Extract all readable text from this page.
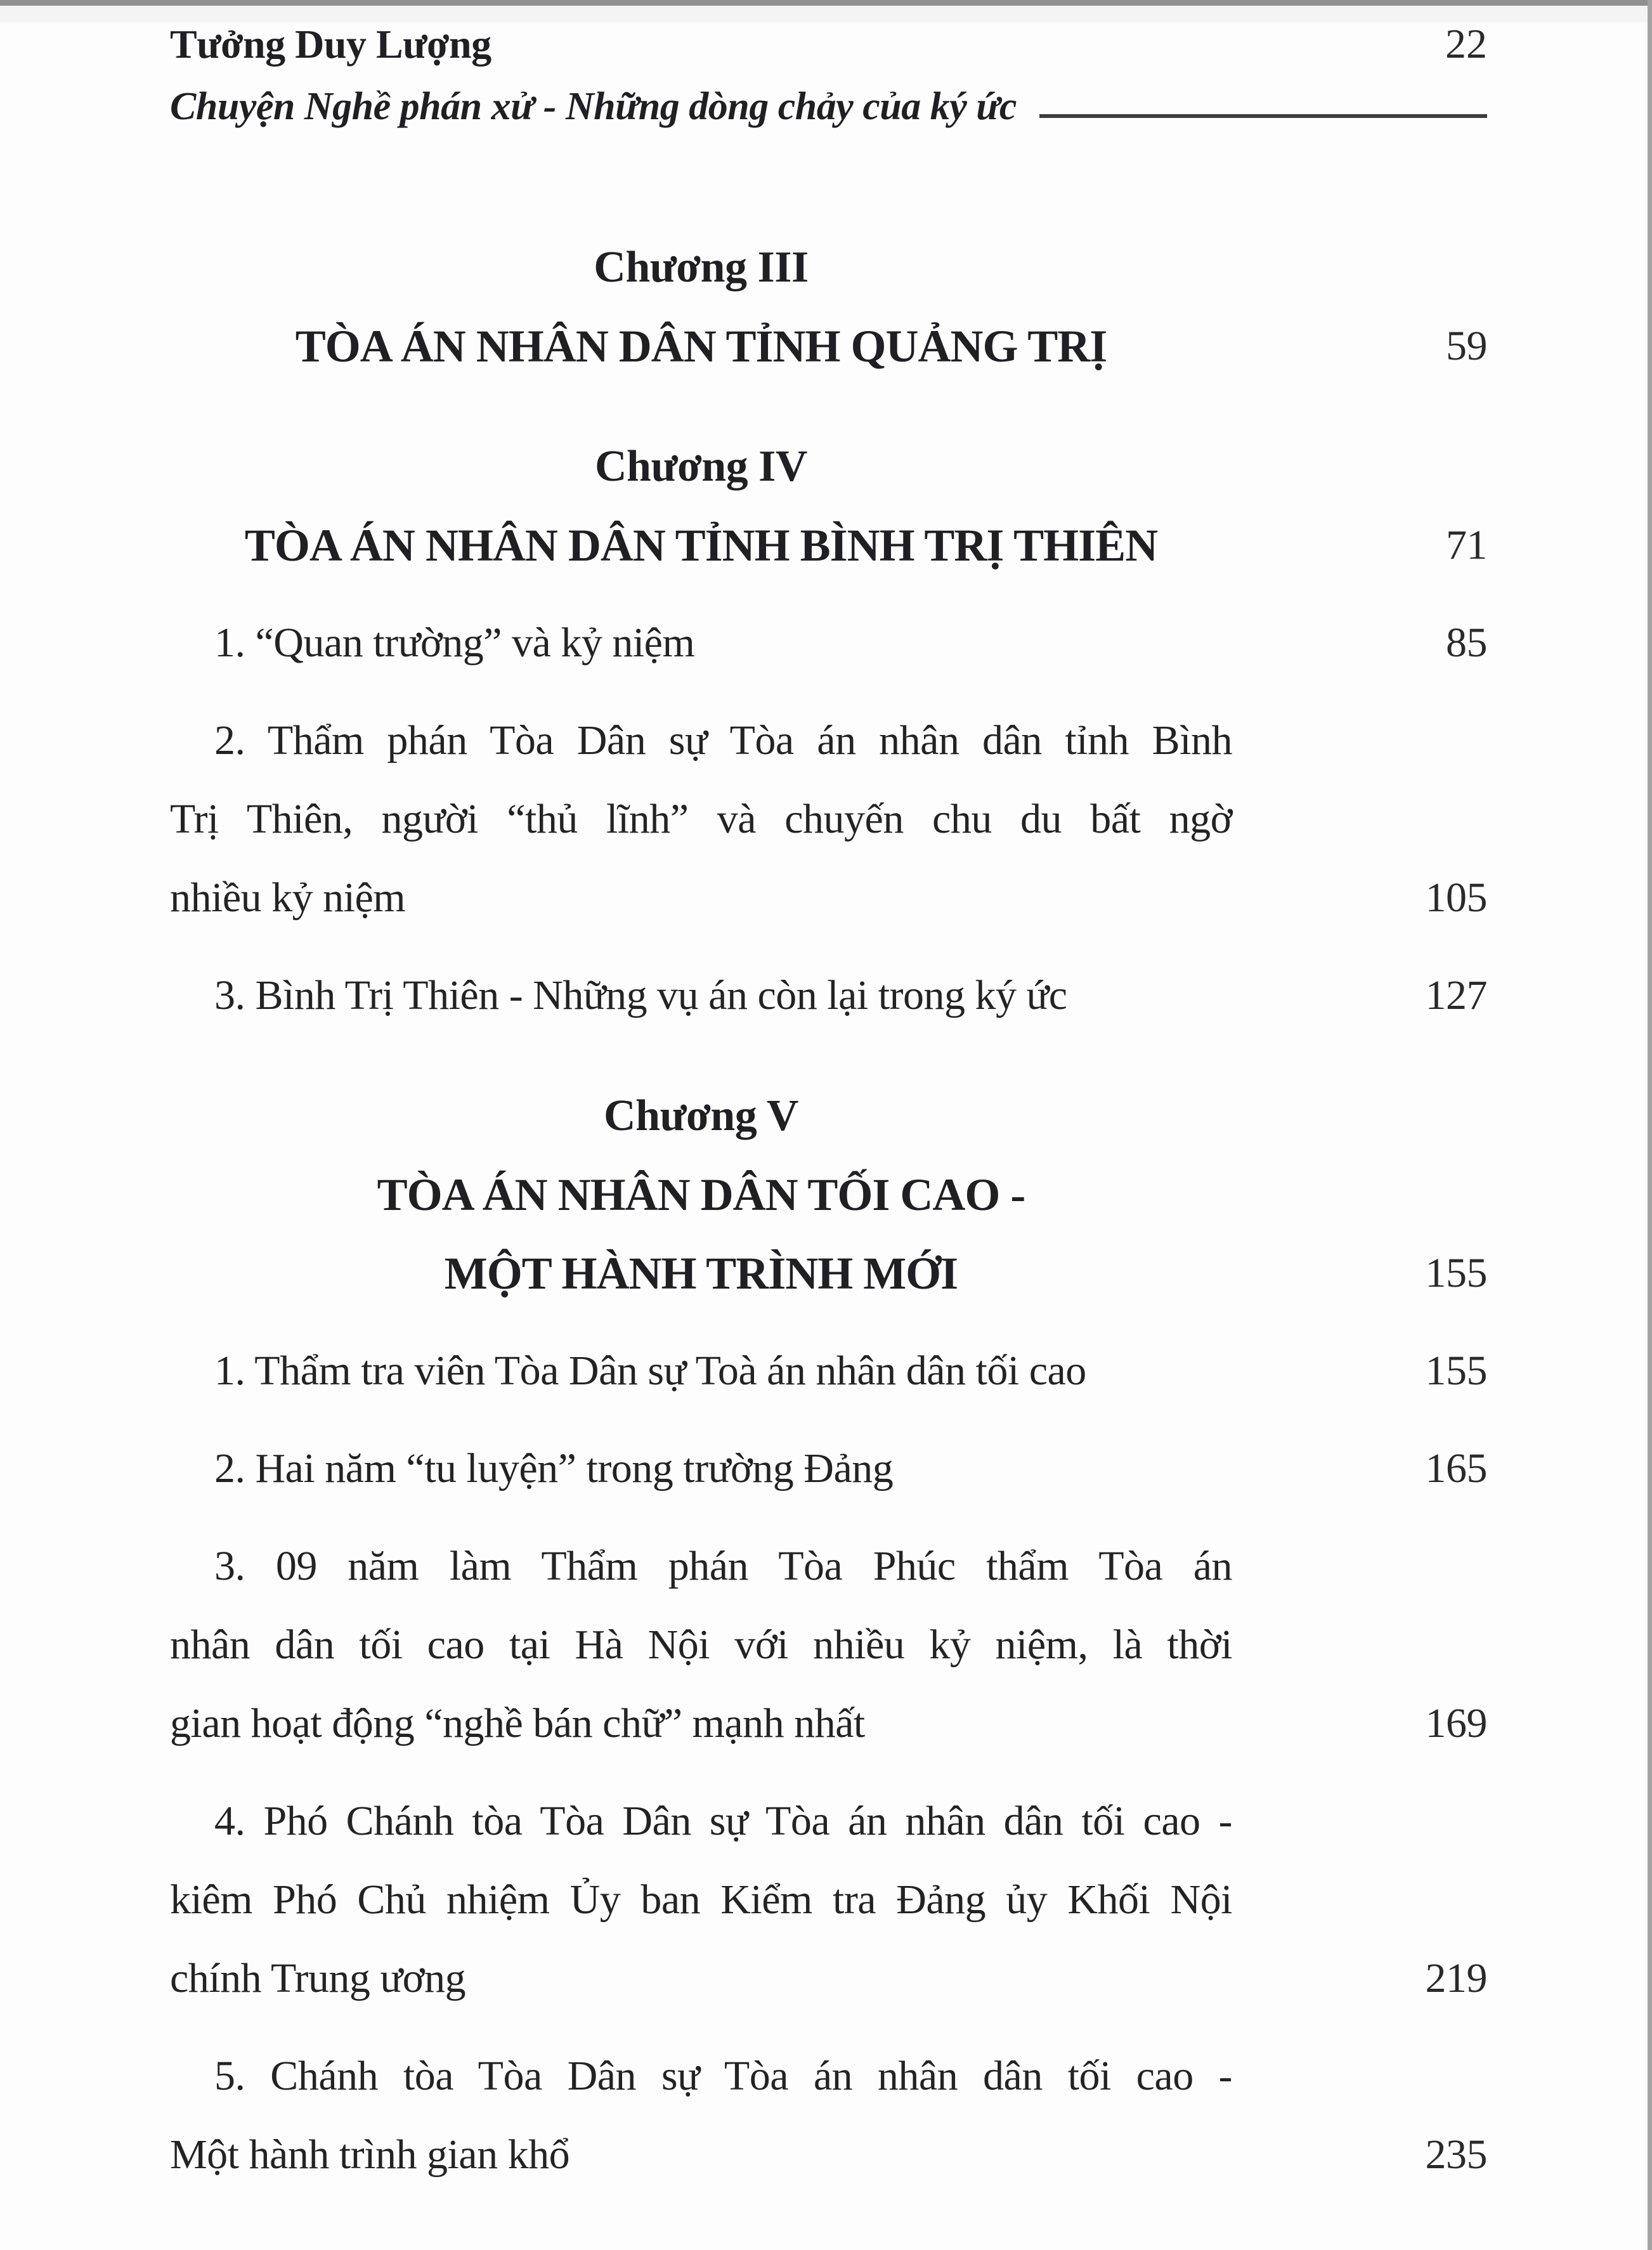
Tưởng Duy Lượng	22
Chuyện Nghề phán xử - Những dòng chảy của ký ức
Chương III
TÒA ÁN NHÂN DÂN TỈNH QUẢNG TRỊ	59
Chương IV
TÒA ÁN NHÂN DÂN TỈNH BÌNH TRỊ THIÊN	71
1. “Quan trường” và kỷ niệm	85
2. Thẩm phán Tòa Dân sự Tòa án nhân dân tỉnh Bình
Trị Thiên, người “thủ lĩnh” và chuyến chu du bất ngờ
nhiều kỷ niệm	105
3. Bình Trị Thiên - Những vụ án còn lại trong ký ức	127
Chương V
TÒA ÁN NHÂN DÂN TỐI CAO -
MỘT HÀNH TRÌNH MỚI	155
1. Thẩm tra viên Tòa Dân sự Toà án nhân dân tối cao	155
2. Hai năm “tu luyện” trong trường Đảng	165
3. 09 năm làm Thẩm phán Tòa Phúc thẩm Tòa án
nhân dân tối cao tại Hà Nội với nhiều kỷ niệm, là thời
gian hoạt động “nghề bán chữ” mạnh nhất	169
4. Phó Chánh tòa Tòa Dân sự Tòa án nhân dân tối cao -
kiêm Phó Chủ nhiệm Ủy ban Kiểm tra Đảng ủy Khối Nội
chính Trung ương	219
5. Chánh tòa Tòa Dân sự Tòa án nhân dân tối cao -
Một hành trình gian khổ	235
